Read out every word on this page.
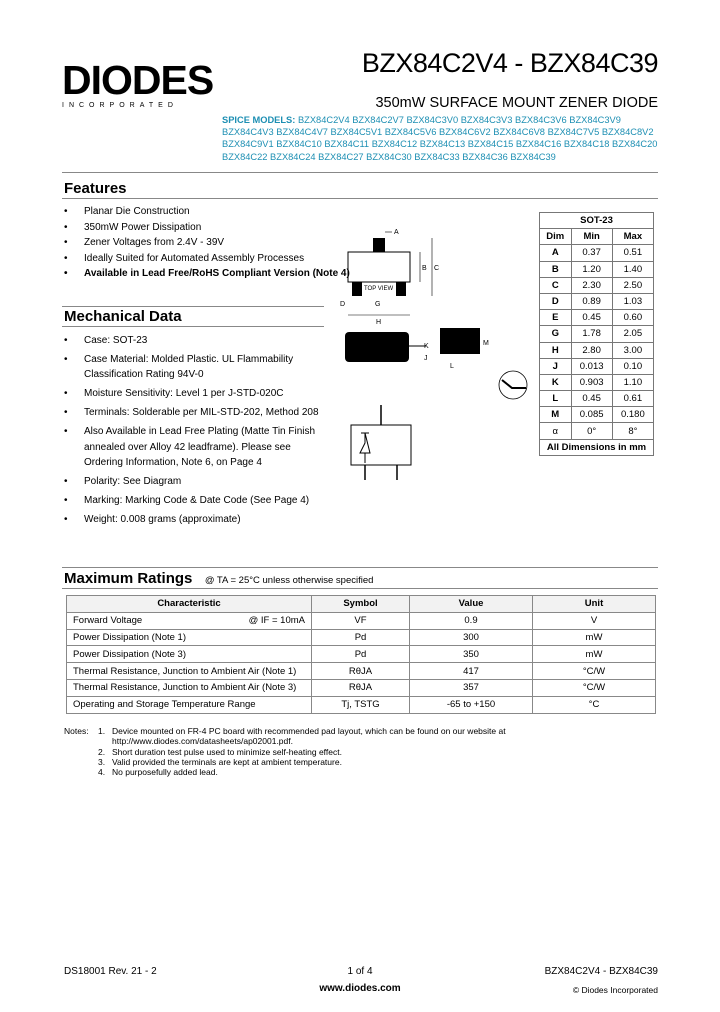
DIODES
INCORPORATED
BZX84C2V4 - BZX84C39
350mW SURFACE MOUNT ZENER DIODE
SPICE MODELS: BZX84C2V4 BZX84C2V7 BZX84C3V0 BZX84C3V3 BZX84C3V6 BZX84C3V9
BZX84C4V3 BZX84C4V7 BZX84C5V1 BZX84C5V6 BZX84C6V2 BZX84C6V8 BZX84C7V5 BZX84C8V2
BZX84C9V1 BZX84C10 BZX84C11 BZX84C12 BZX84C13 BZX84C15 BZX84C16 BZX84C18 BZX84C20
BZX84C22 BZX84C24 BZX84C27 BZX84C30 BZX84C33 BZX84C36 BZX84C39
Features
• Planar Die Construction
• 350mW Power Dissipation
• Zener Voltages from 2.4V - 39V
• Ideally Suited for Automated Assembly Processes
• Available in Lead Free/RoHS Compliant Version (Note 4)
Mechanical Data
• Case: SOT-23
• Case Material: Molded Plastic. UL Flammability Classification Rating 94V-0
• Moisture Sensitivity: Level 1 per J-STD-020C
• Terminals: Solderable per MIL-STD-202, Method 208
• Also Available in Lead Free Plating (Matte Tin Finish annealed over Alloy 42 leadframe). Please see Ordering Information, Note 6, on Page 4
• Polarity: See Diagram
• Marking: Marking Code & Date Code (See Page 4)
• Weight: 0.008 grams (approximate)
TOP VIEW
A
B C
G
H
D
K
J
L
M
SOT-23		
Dim	Min	Max
A	0.37	0.51
B	1.20	1.40
C	2.30	2.50
D	0.89	1.03
E	0.45	0.60
G	1.78	2.05
H	2.80	3.00
J	0.013	0.10
K	0.903	1.10
L	0.45	0.61
M	0.085	0.180
α	0°	8°
All Dimensions in mm		
Maximum Ratings @ TA = 25°C unless otherwise specified
Characteristic		Symbol	Value	Unit
Forward Voltage	@ IF = 10mA	VF	0.9	V
Power Dissipation (Note 1)		Pd	300	mW
Power Dissipation (Note 3)		Pd	350	mW
Thermal Resistance, Junction to Ambient Air (Note 1)		RθJA	417	°C/W
Thermal Resistance, Junction to Ambient Air (Note 3)		RθJA	357	°C/W
Operating and Storage Temperature Range		Tj, TSTG	-65 to +150	°C
Notes:	1. Device mounted on FR-4 PC board with recommended pad layout, which can be found on our website at
http://www.diodes.com/datasheets/ap02001.pdf.
2. Short duration test pulse used to minimize self-heating effect.
3. Valid provided the terminals are kept at ambient temperature.
4. No purposefully added lead.
DS18001 Rev. 21 - 2	1 of 4
www.diodes.com
BZX84C2V4 - BZX84C39
© Diodes Incorporated
